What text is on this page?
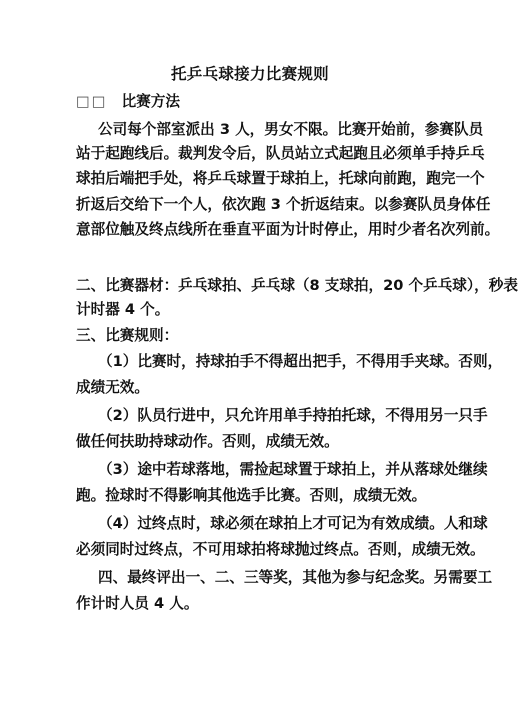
托乒乓球接力比赛规则
□□ 比赛方法
公司每个部室派出 3 人，男女不限。比赛开始前，参赛队员
站于起跑线后。裁判发令后，队员站立式起跑且必须单手持乒乓
球拍后端把手处，将乒乓球置于球拍上，托球向前跑，跑完一个
折返后交给下一个人，依次跑 3 个折返结束。以参赛队员身体任
意部位触及终点线所在垂直平面为计时停止，用时少者名次列前。
二、比赛器材：乒乓球拍、乒乓球（8 支球拍，20 个乒乓球），秒表
计时器 4 个。
三、比赛规则：
（1）比赛时，持球拍手不得超出把手，不得用手夹球。否则，
成绩无效。
（2）队员行进中，只允许用单手持拍托球，不得用另一只手
做任何扶助持球动作。否则，成绩无效。
（3）途中若球落地，需捡起球置于球拍上，并从落球处继续
跑。捡球时不得影响其他选手比赛。否则，成绩无效。
（4）过终点时，球必须在球拍上才可记为有效成绩。人和球
必须同时过终点，不可用球拍将球抛过终点。否则，成绩无效。
四、最终评出一、二、三等奖，其他为参与纪念奖。另需要工
作计时人员 4 人。
